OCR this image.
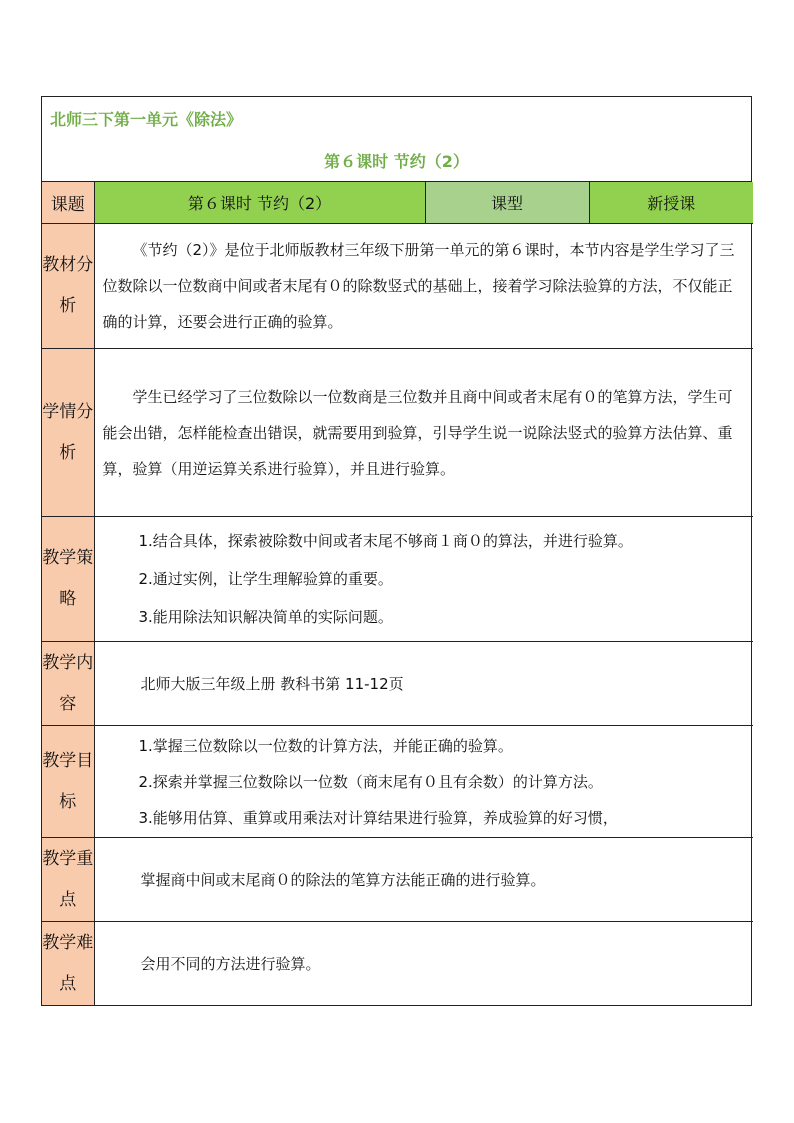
北师三下第一单元《除法》
第６课时 节约（2）
课题	第６课时 节约（2）	课型	新授课
教材分析	《节约（2）》是位于北师版教材三年级下册第一单元的第６课时，本节内容是学生学习了三位数除以一位数商中间或者末尾有０的除数竖式的基础上，接着学习除法验算的方法，不仅能正确的计算，还要会进行正确的验算。		

学情分析	学生已经学习了三位数除以一位数商是三位数并且商中间或者末尾有０的笔算方法，学生可能会出错，怎样能检查出错误，就需要用到验算，引导学生说一说除法竖式的验算方法估算、重算，验算（用逆运算关系进行验算），并且进行验算。		

教学策略	1.结合具体，探索被除数中间或者末尾不够商１商０的算法，并进行验算。

2.通过实例，让学生理解验算的重要。

3.能用除法知识解决简单的实际问题。		

教学内容	北师大版三年级上册 教科书第 11-12页		
教学目标	1.掌握三位数除以一位数的计算方法，并能正确的验算。

2.探索并掌握三位数除以一位数（商末尾有０且有余数）的计算方法。

3.能够用估算、重算或用乘法对计算结果进行验算，养成验算的好习惯，		

教学重点	掌握商中间或末尾商０的除法的笔算方法能正确的进行验算。		
教学难点	会用不同的方法进行验算。		
